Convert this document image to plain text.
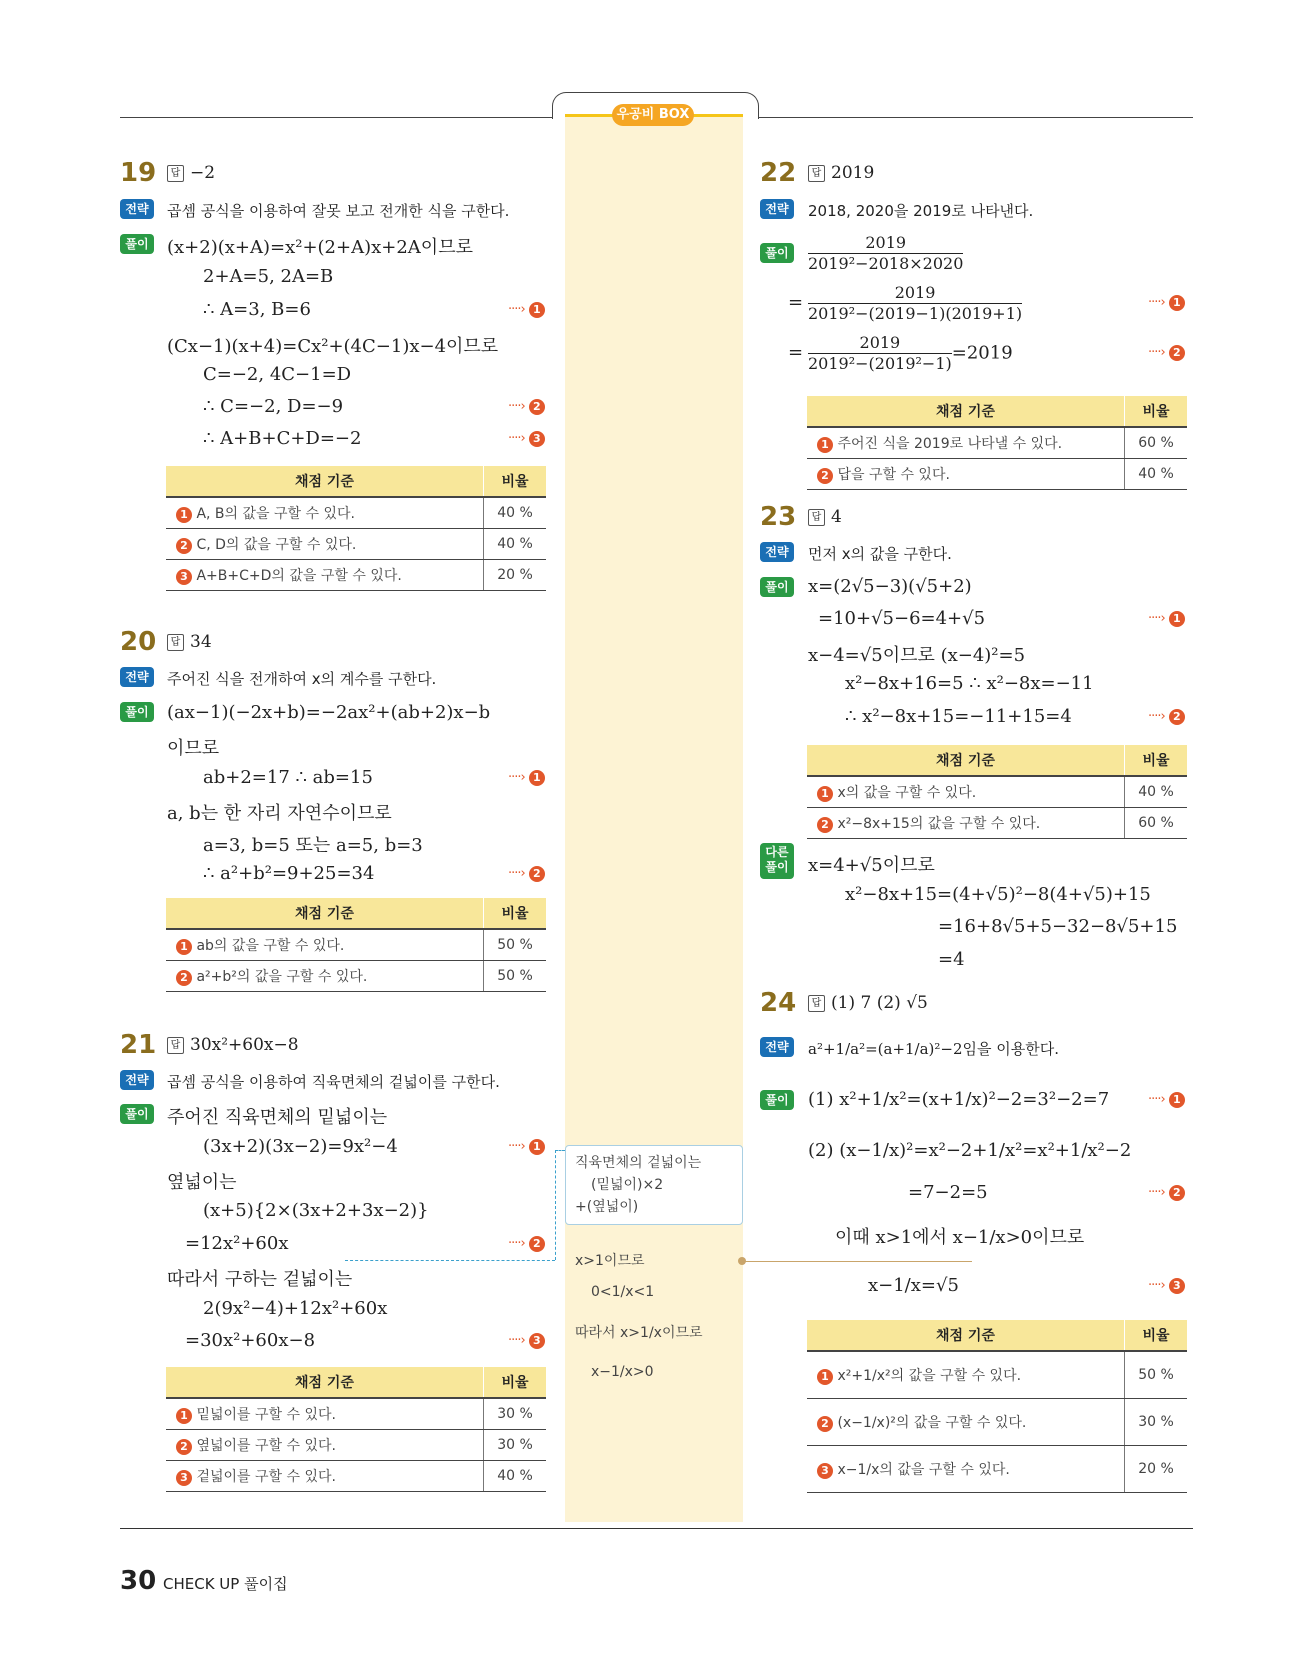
우공비 BOX
19	답 −2
전략	곱셈 공식을 이용하여 잘못 보고 전개한 식을 구한다.
풀이	(x+2)(x+A)=x²+(2+A)x+2A이므로
2+A=5, 2A=B
∴ A=3, B=6	····› 1
(Cx−1)(x+4)=Cx²+(4C−1)x−4이므로
C=−2, 4C−1=D
∴ C=−2, D=−9	····› 2
∴ A+B+C+D=−2	····› 3
채점 기준	비율
1 A, B의 값을 구할 수 있다.	40 %
2 C, D의 값을 구할 수 있다.	40 %
3 A+B+C+D의 값을 구할 수 있다.	20 %
20	답 34
전략	주어진 식을 전개하여 x의 계수를 구한다.
풀이	(ax−1)(−2x+b)=−2ax²+(ab+2)x−b
이므로
ab+2=17 ∴ ab=15	····› 1
a, b는 한 자리 자연수이므로
a=3, b=5 또는 a=5, b=3
∴ a²+b²=9+25=34	····› 2
채점 기준	비율
1 ab의 값을 구할 수 있다.	50 %
2 a²+b²의 값을 구할 수 있다.	50 %
21	답 30x²+60x−8
전략	곱셈 공식을 이용하여 직육면체의 겉넓이를 구한다.
풀이	주어진 직육면체의 밑넓이는
(3x+2)(3x−2)=9x²−4	····› 1
옆넓이는
(x+5){2×(3x+2+3x−2)}
=12x²+60x	····› 2
따라서 구하는 겉넓이는
2(9x²−4)+12x²+60x
=30x²+60x−8	····› 3
채점 기준	비율
1 밑넓이를 구할 수 있다.	30 %
2 옆넓이를 구할 수 있다.	30 %
3 겉넓이를 구할 수 있다.	40 %
직육면체의 겉넓이는
(밑넓이)×2
+(옆넓이)
x>1이므로
0<1/x<1
따라서 x>1/x이므로
x−1/x>0
22	답 2019
전략	2018, 2020을 2019로 나타낸다.
풀이	$\frac{2019}{\text{2019²−2018×2020}}$
= $\frac{2019}{\text{2019²−(2019−1)(2019+1)}}$	····› 1
= $\frac{2019}{\text{2019²−(2019²−1)}} =2019$	····› 2
채점 기준	비율
1 주어진 식을 2019로 나타낼 수 있다.	60 %
2 답을 구할 수 있다.	40 %
23	답 4
전략	먼저 x의 값을 구한다.
풀이	x=(2√5−3)(√5+2)
=10+√5−6=4+√5	····› 1
x−4=√5이므로 (x−4)²=5
x²−8x+16=5 ∴ x²−8x=−11
∴ x²−8x+15=−11+15=4	····› 2
채점 기준	비율
1 x의 값을 구할 수 있다.	40 %
2 x²−8x+15의 값을 구할 수 있다.	60 %
다른
풀이	x=4+√5이므로
x²−8x+15=(4+√5)²−8(4+√5)+15
=16+8√5+5−32−8√5+15
=4
24	답 (1) 7 (2) √5
전략	a²+1/a²=(a+1/a)²−2임을 이용한다.
풀이	(1) x²+1/x²=(x+1/x)²−2=3²−2=7	····› 1
(2) (x−1/x)²=x²−2+1/x²=x²+1/x²−2
=7−2=5	····› 2
이때 x>1에서 x−1/x>0이므로
x−1/x=√5	····› 3
채점 기준	비율
1 x²+1/x²의 값을 구할 수 있다.	50 %
2 (x−1/x)²의 값을 구할 수 있다.	30 %
3 x−1/x의 값을 구할 수 있다.	20 %
30 CHECK UP 풀이집
